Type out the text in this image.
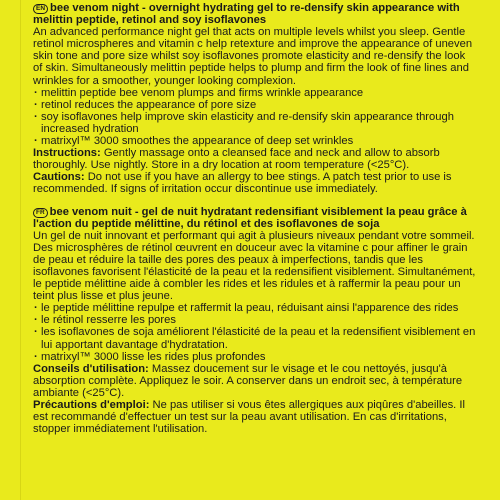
EN bee venom night - overnight hydrating gel to re-densify skin appearance with melittin peptide, retinol and soy isoflavones
An advanced performance night gel that acts on multiple levels whilst you sleep. Gentle retinol microspheres and vitamin c help retexture and improve the appearance of uneven skin tone and pore size whilst soy isoflavones promote elasticity and re-densify the look of skin. Simultaneously melittin peptide helps to plump and firm the look of fine lines and wrinkles for a smoother, younger looking complexion.
· melittin peptide bee venom plumps and firms wrinkle appearance
· retinol reduces the appearance of pore size
· soy isoflavones help improve skin elasticity and re-densify skin appearance through increased hydration
· matrixyl™ 3000 smoothes the appearance of deep set wrinkles
Instructions: Gently massage onto a cleansed face and neck and allow to absorb thoroughly. Use nightly. Store in a dry location at room temperature (<25°C).
Cautions: Do not use if you have an allergy to bee stings. A patch test prior to use is recommended. If signs of irritation occur discontinue use immediately.
FR bee venom nuit - gel de nuit hydratant redensifiant visiblement la peau grâce à l'action du peptide mélittine, du rétinol et des isoflavones de soja
Un gel de nuit innovant et performant qui agit à plusieurs niveaux pendant votre sommeil. Des microsphères de rétinol œuvrent en douceur avec la vitamine c pour affiner le grain de peau et réduire la taille des pores des peaux à imperfections, tandis que les isoflavones favorisent l'élasticité de la peau et la redensifient visiblement. Simultanément, le peptide mélittine aide à combler les rides et les ridules et à raffermir la peau pour un teint plus lisse et plus jeune.
· le peptide mélittine repulpe et raffermit la peau, réduisant ainsi l'apparence des rides
· le rétinol resserre les pores
· les isoflavones de soja améliorent l'élasticité de la peau et la redensifient visiblement en lui apportant davantage d'hydratation.
· matrixyl™ 3000 lisse les rides plus profondes
Conseils d'utilisation: Massez doucement sur le visage et le cou nettoyés, jusqu'à absorption complète. Appliquez le soir. A conserver dans un endroit sec, à température ambiante (<25°C).
Précautions d'emploi: Ne pas utiliser si vous êtes allergiques aux piqûres d'abeilles. Il est recommandé d'effectuer un test sur la peau avant utilisation. En cas d'irritations, stopper immédiatement l'utilisation.
